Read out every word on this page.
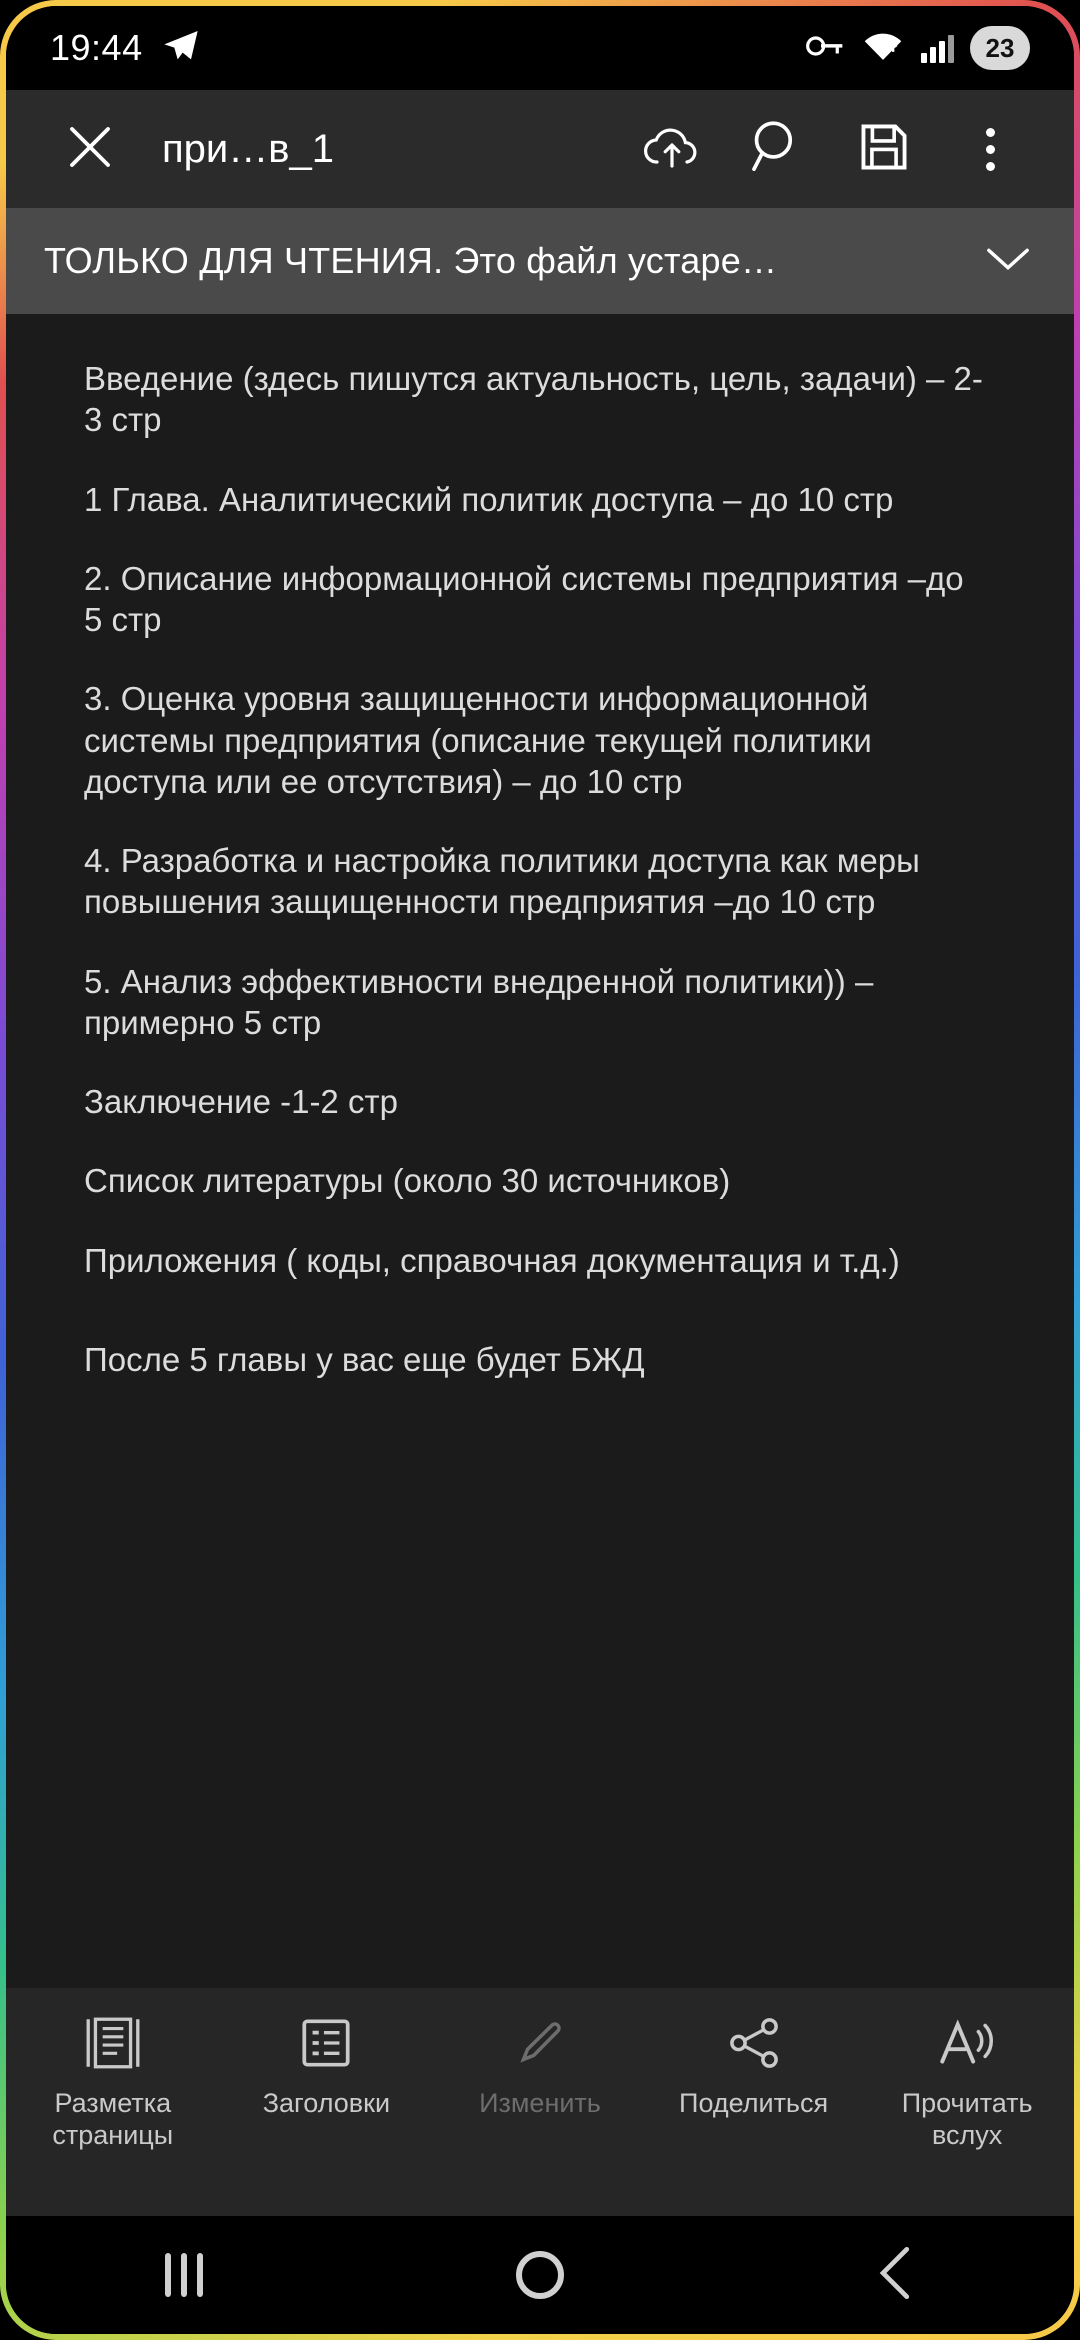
19:44	23
при…в_1
ТОЛЬКО ДЛЯ ЧТЕНИЯ. Это файл устаре…

Введение (здесь пишутся актуальность, цель, задачи) – 2-3 стр

1 Глава. Аналитический политик доступа – до 10 стр

2. Описание информационной системы предприятия –до 5 стр

3. Оценка уровня защищенности информационной системы предприятия (описание текущей политики доступа или ее отсутствия) – до 10 стр

4. Разработка и настройка политики доступа как меры повышения защищенности предприятия –до 10 стр

5. Анализ эффективности внедренной политики)) – примерно 5 стр

Заключение -1-2 стр

Список литературы (около 30 источников)

Приложения ( коды, справочная документация и т.д.)

После 5 главы у вас еще будет БЖД

Разметка страницы
Заголовки	Изменить	Поделиться	Прочитать вслух
